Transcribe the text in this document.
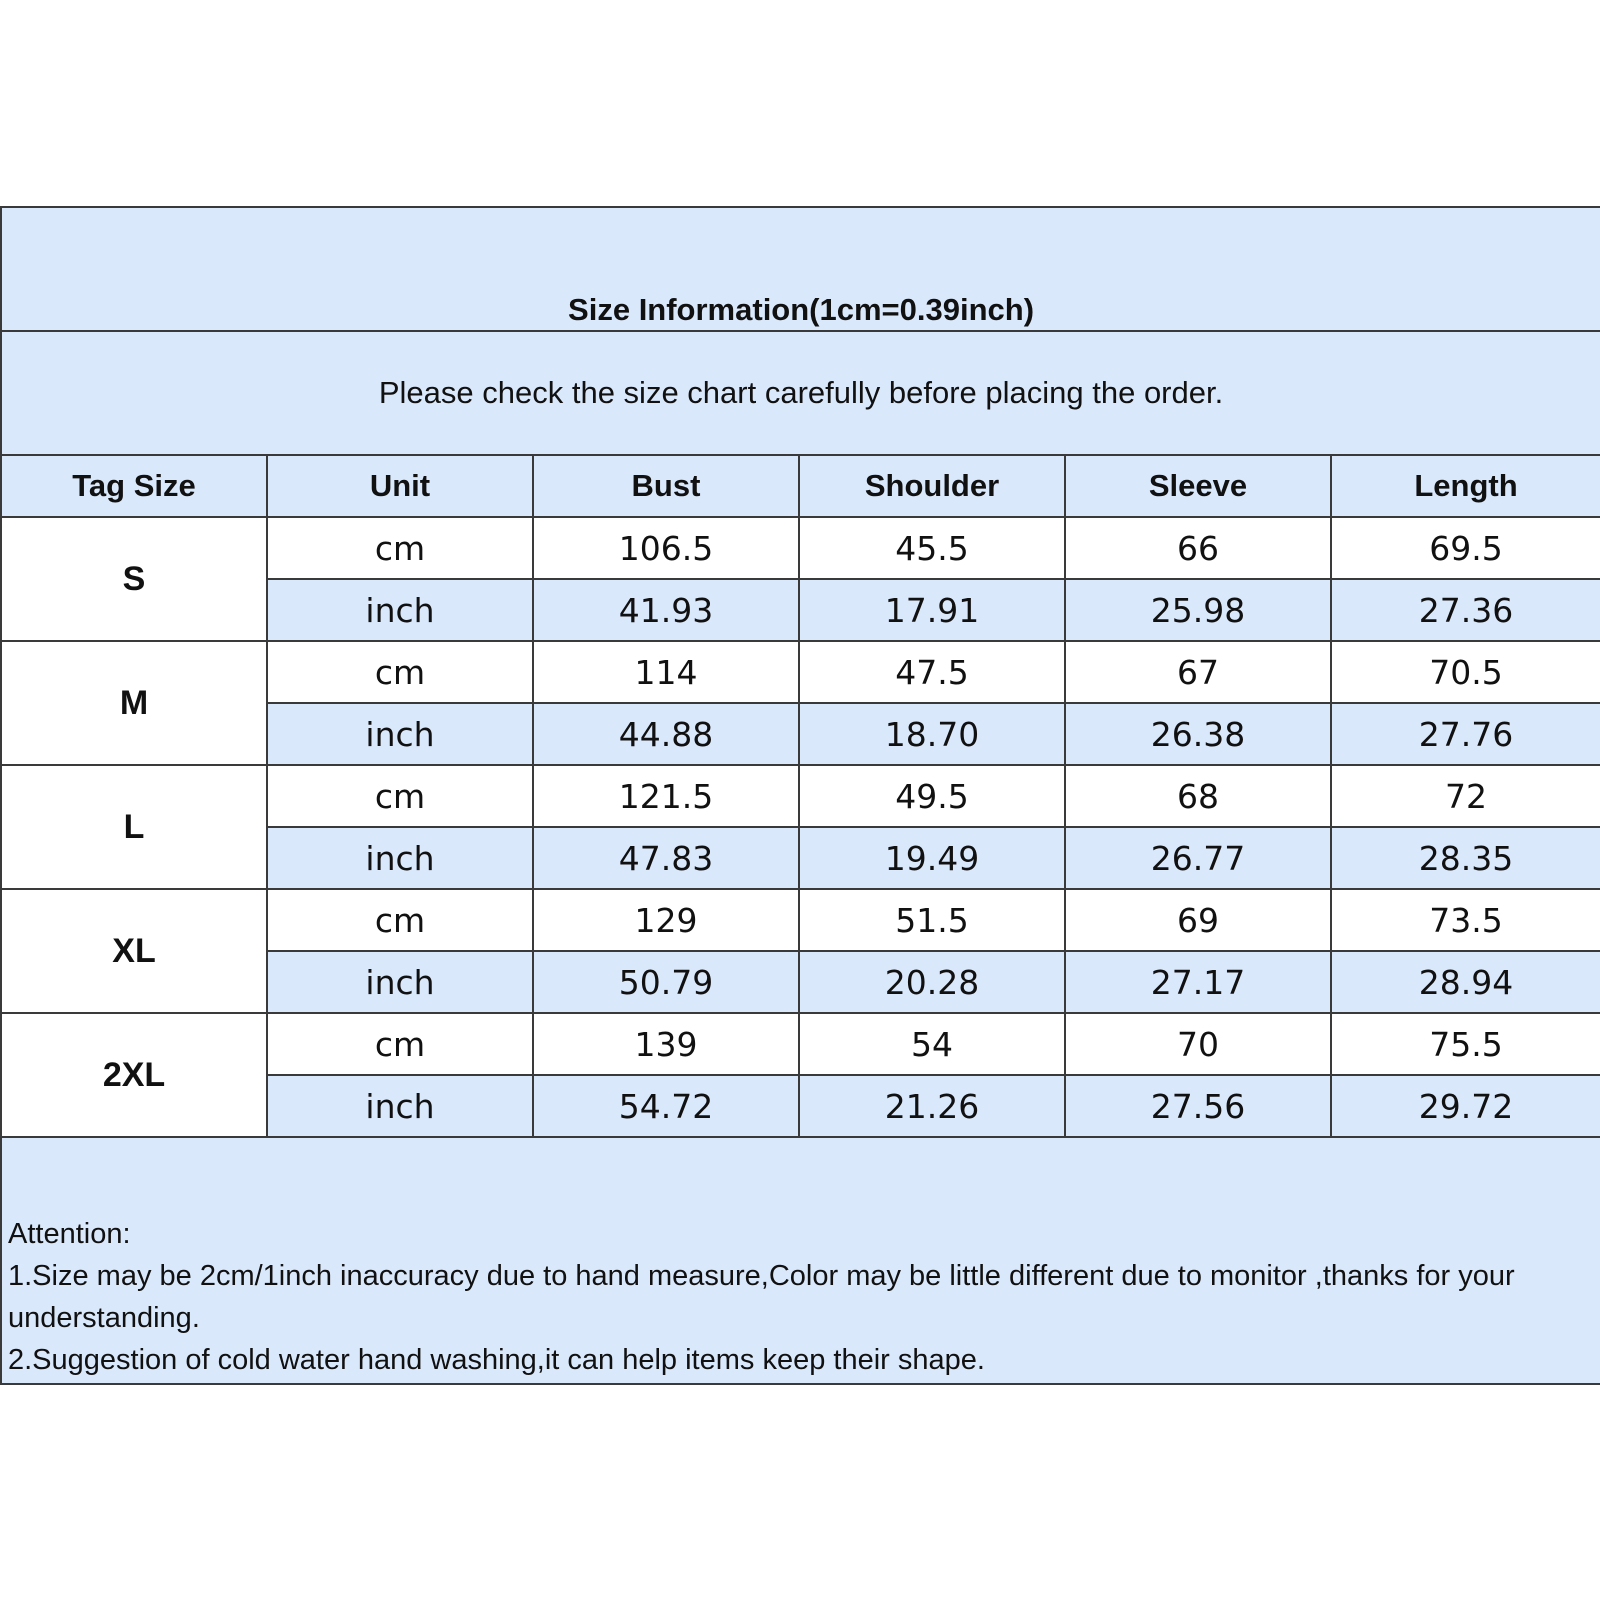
Size Information(1cm=0.39inch)					
Please check the size chart carefully before placing the order.					
Tag Size	Unit	Bust	Shoulder	Sleeve	Length
S	cm	106.5	45.5	66	69.5
	inch	41.93	17.91	25.98	27.36
M	cm	114	47.5	67	70.5
	inch	44.88	18.70	26.38	27.76
L	cm	121.5	49.5	68	72
	inch	47.83	19.49	26.77	28.35
XL	cm	129	51.5	69	73.5
	inch	50.79	20.28	27.17	28.94
2XL	cm	139	54	70	75.5
	inch	54.72	21.26	27.56	29.72

Attention:
1.Size may be 2cm/1inch inaccuracy due to hand measure,Color may be little different due to monitor ,thanks for your understanding.
2.Suggestion of cold water hand washing,it can help items keep their shape.					
